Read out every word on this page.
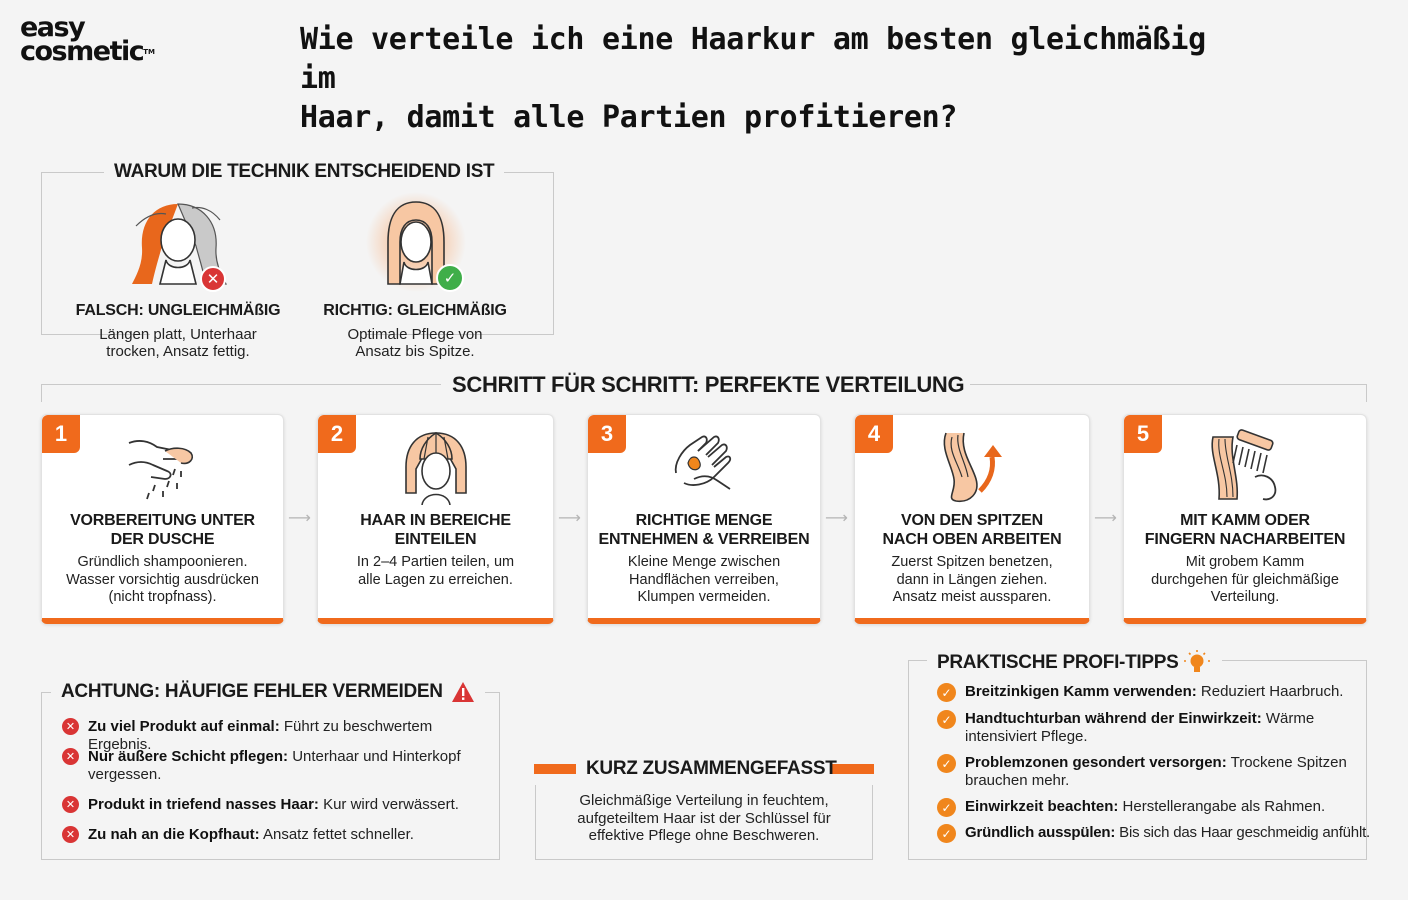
easy
cosmetic™	Wie verteile ich eine Haarkur am besten gleichmäßig im
Haar, damit alle Partien profitieren?
WARUM DIE TECHNIK ENTSCHEIDEND IST
✕	✓
FALSCH: UNGLEICHMÄßIG
Längen platt, Unterhaar
trocken, Ansatz fettig.
RICHTIG: GLEICHMÄßIG
Optimale Pflege von
Ansatz bis Spitze.
SCHRITT FÜR SCHRITT: PERFEKTE VERTEILUNG
1
VORBEREITUNG UNTER
DER DUSCHE
Gründlich shampoonieren.
Wasser vorsichtig ausdrücken
(nicht tropfnass).
⟶
2
HAAR IN BEREICHE
EINTEILEN
In 2–4 Partien teilen, um
alle Lagen zu erreichen.
⟶
3
RICHTIGE MENGE
ENTNEHMEN & VERREIBEN
Kleine Menge zwischen
Handflächen verreiben,
Klumpen vermeiden.
⟶
4
VON DEN SPITZEN
NACH OBEN ARBEITEN
Zuerst Spitzen benetzen,
dann in Längen ziehen.
Ansatz meist aussparen.
⟶
5
MIT KAMM ODER
FINGERN NACHARBEITEN
Mit grobem Kamm
durchgehen für gleichmäßige
Verteilung.
ACHTUNG: HÄUFIGE FEHLER VERMEIDEN
✕ Zu viel Produkt auf einmal: Führt zu beschwertem Ergebnis.
✕ Nur äußere Schicht pflegen: Unterhaar und Hinterkopf vergessen.
✕ Produkt in triefend nasses Haar: Kur wird verwässert.
✕ Zu nah an die Kopfhaut: Ansatz fettet schneller.
KURZ ZUSAMMENGEFASST
Gleichmäßige Verteilung in feuchtem,
aufgeteiltem Haar ist der Schlüssel für
effektive Pflege ohne Beschweren.
PRAKTISCHE PROFI-TIPPS
✓ Breitzinkigen Kamm verwenden: Reduziert Haarbruch.
✓ Handtuchturban während der Einwirkzeit: Wärme intensiviert Pflege.
✓ Problemzonen gesondert versorgen: Trockene Spitzen brauchen mehr.
✓ Einwirkzeit beachten: Herstellerangabe als Rahmen.
✓ Gründlich ausspülen: Bis sich das Haar geschmeidig anfühlt.
